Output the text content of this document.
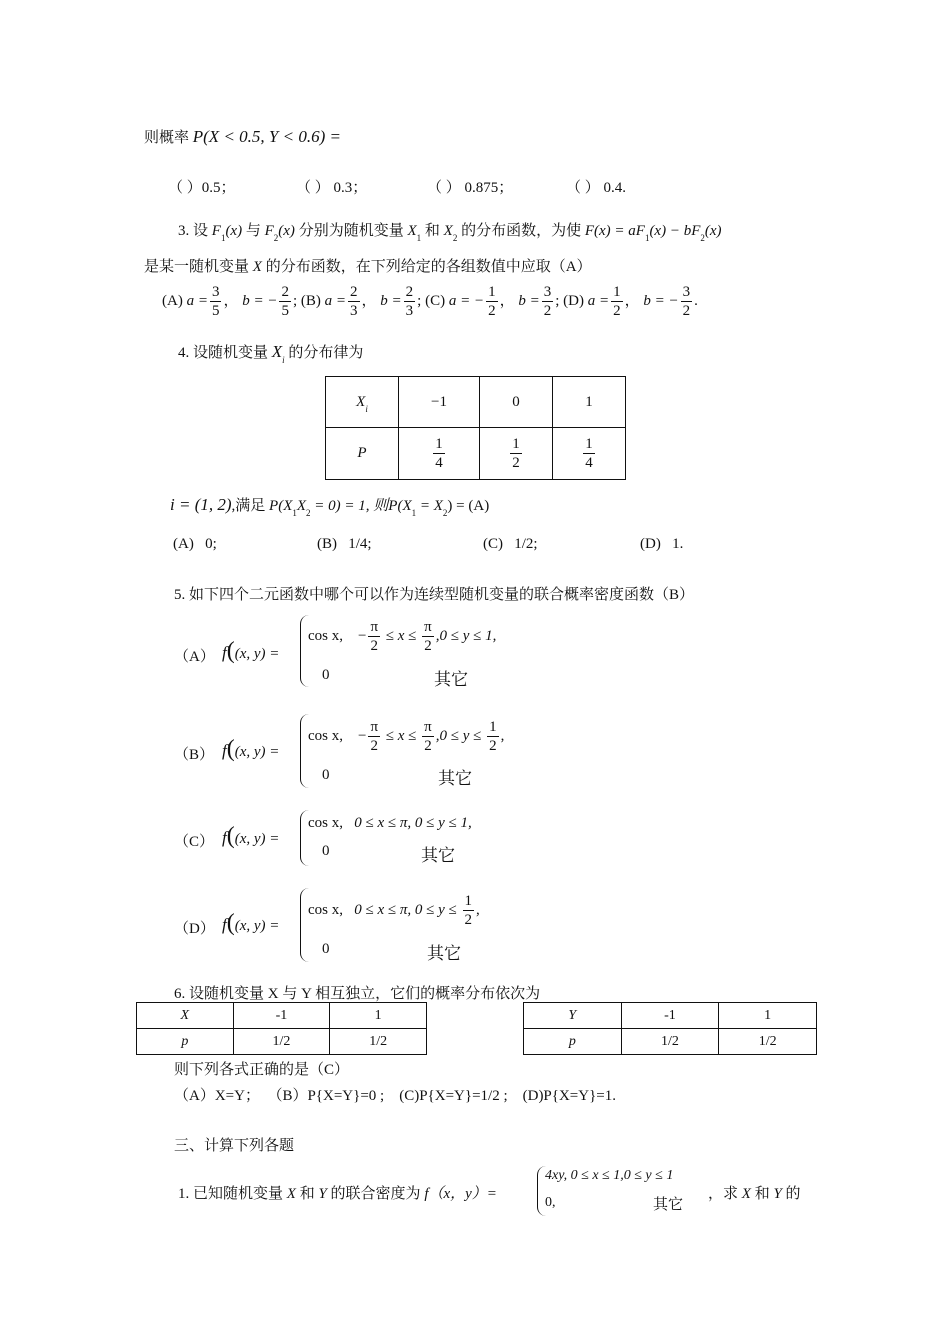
则概率 P(X < 0.5, Y < 0.6) =
（ ）0.5；	（ ） 0.3；	（ ） 0.875；	（ ） 0.4.
3. 设 $F_1(x)$ 与 $F_2(x)$ 分别为随机变量 $X_1$ 和 $X_2$ 的分布函数，为使 $F(x) = aF_1(x) - bF_2(x)$
是某一随机变量 X 的分布函数，在下列给定的各组数值中应取（A）
(A) $a = \frac{3}{5}$ ， b = − $\frac{2}{5}$ ; (B) $a = \frac{2}{3}$ ， $b = \frac{2}{3}$ ; (C) a = − $\frac{1}{2}$ ， $b = \frac{3}{2}$ ; (D) $a = \frac{1}{2}$ ， b = − $\frac{3}{2}$ .
4. 设随机变量 $X_i$ 的分布律为
$X_i$	−1	0	1
P	$\frac{1}{4}$	$\frac{1}{2}$	$\frac{1}{4}$
i = (1, 2),满足 $P(X_1X_2 = 0) = 1$, 则$P(X_1 = X_2) = (A)$
(A) 0;	(B) 1/4;	(C) 1/2;	(D) 1.
5. 如下四个二元函数中哪个可以作为连续型随机变量的联合概率密度函数（B）
（A） f((x, y) =
cos x, − $\frac{\pi}{2} \le x \le \frac{\pi}{2} ,0 \le y \le 1$,
0	其它
（B） f((x, y) =
cos x, − $\frac{\pi}{2} \le x \le \frac{\pi}{2} ,0 \le y \le \frac{1}{2}$ ,
0	其它
（C） f((x, y) =
cos x, 0 ≤ x ≤ π, 0 ≤ y ≤ 1,
0	其它
（D） f((x, y) =
cos x, 0 ≤ x ≤ π, $0 \le y \le \frac{1}{2}$ ,
0	其它
6. 设随机变量 X 与 Y 相互独立，它们的概率分布依次为
X	-1	1
p	1/2	1/2
Y	-1	1
p	1/2	1/2
则下列各式正确的是（C）
（A）X=Y；  （B）P{X=Y}=0 ;    (C)P{X=Y}=1/2 ;    (D)P{X=Y}=1.
三、计算下列各题
1. 已知随机变量 X 和 Y 的联合密度为 f（x，y）=
4xy, 0 ≤ x ≤ 1,0 ≤ y ≤ 1
0,	其它
，求 X 和 Y 的
